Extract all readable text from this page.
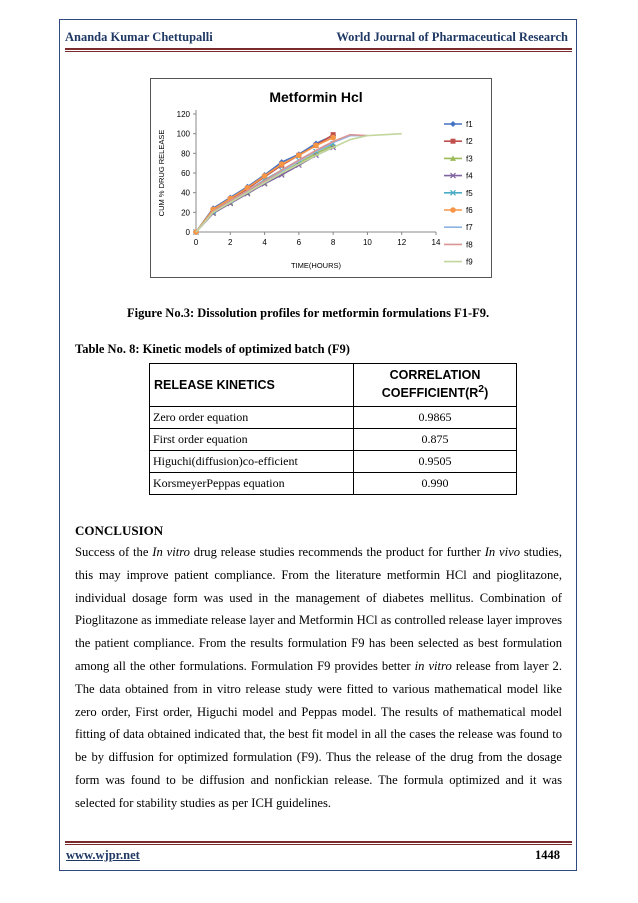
Ananda Kumar Chettupalli	World Journal of Pharmaceutical Research
Metformin Hcl
0
20
40
60
80
100
120
0	2	4	6	8	10	12	14
TIME(HOURS)
CUM % DRUG RELEASE
f1
f2
f3
f4
f5
f6
f7
f8
f9
Figure No.3: Dissolution profiles for metformin formulations F1-F9.
Table No. 8: Kinetic models of optimized batch (F9)
RELEASE KINETICS	CORRELATION
$COEFFICIENT(R^2)$
Zero order equation	0.9865
First order equation	0.875
Higuchi(diffusion)co-efficient	0.9505
KorsmeyerPeppas equation	0.990
CONCLUSION
Success of the In vitro drug release studies recommends the product for further In vivo studies, this may improve patient compliance. From the literature metformin HCl and pioglitazone, individual dosage form was used in the management of diabetes mellitus. Combination of Pioglitazone as immediate release layer and Metformin HCl as controlled release layer improves the patient compliance. From the results formulation F9 has been selected as best formulation among all the other formulations. Formulation F9 provides better in vitro release from layer 2. The data obtained from in vitro release study were fitted to various mathematical model like zero order, First order, Higuchi model and Peppas model. The results of mathematical model fitting of data obtained indicated that, the best fit model in all the cases the release was found to be by diffusion for optimized formulation (F9). Thus the release of the drug from the dosage form was found to be diffusion and nonfickian release. The formula optimized and it was selected for stability studies as per ICH guidelines.
www.wjpr.net	1448
